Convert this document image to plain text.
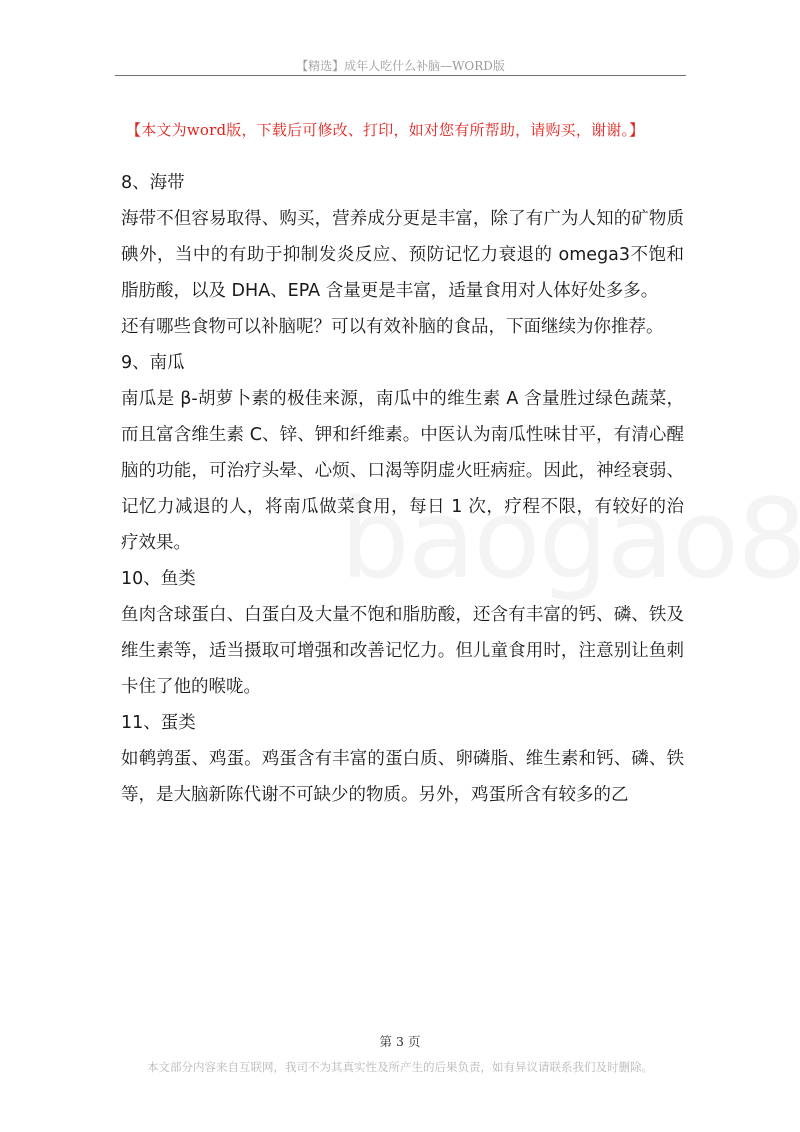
【精选】成年人吃什么补脑—WORD版
【本文为word版，下载后可修改、打印，如对您有所帮助，请购买，谢谢。】

8、海带

海带不但容易取得、购买，营养成分更是丰富，除了有广为人知的矿物质碘外，当中的有助于抑制发炎反应、预防记忆力衰退的 omega3不饱和脂肪酸，以及 DHA、EPA 含量更是丰富，适量食用对人体好处多多。

还有哪些食物可以补脑呢？可以有效补脑的食品，下面继续为你推荐。

9、南瓜

南瓜是 β-胡萝卜素的极佳来源，南瓜中的维生素 A 含量胜过绿色蔬菜，而且富含维生素 C、锌、钾和纤维素。中医认为南瓜性味甘平，有清心醒脑的功能，可治疗头晕、心烦、口渴等阴虚火旺病症。因此，神经衰弱、记忆力减退的人，将南瓜做菜食用，每日 1 次，疗程不限，有较好的治疗效果。

10、鱼类

鱼肉含球蛋白、白蛋白及大量不饱和脂肪酸，还含有丰富的钙、磷、铁及维生素等，适当摄取可增强和改善记忆力。但儿童食用时，注意别让鱼刺卡住了他的喉咙。

11、蛋类

如鹌鹑蛋、鸡蛋。鸡蛋含有丰富的蛋白质、卵磷脂、维生素和钙、磷、铁等，是大脑新陈代谢不可缺少的物质。另外，鸡蛋所含有较多的乙

第 3 页
本文部分内容来自互联网，我司不为其真实性及所产生的后果负责，如有异议请联系我们及时删除。
